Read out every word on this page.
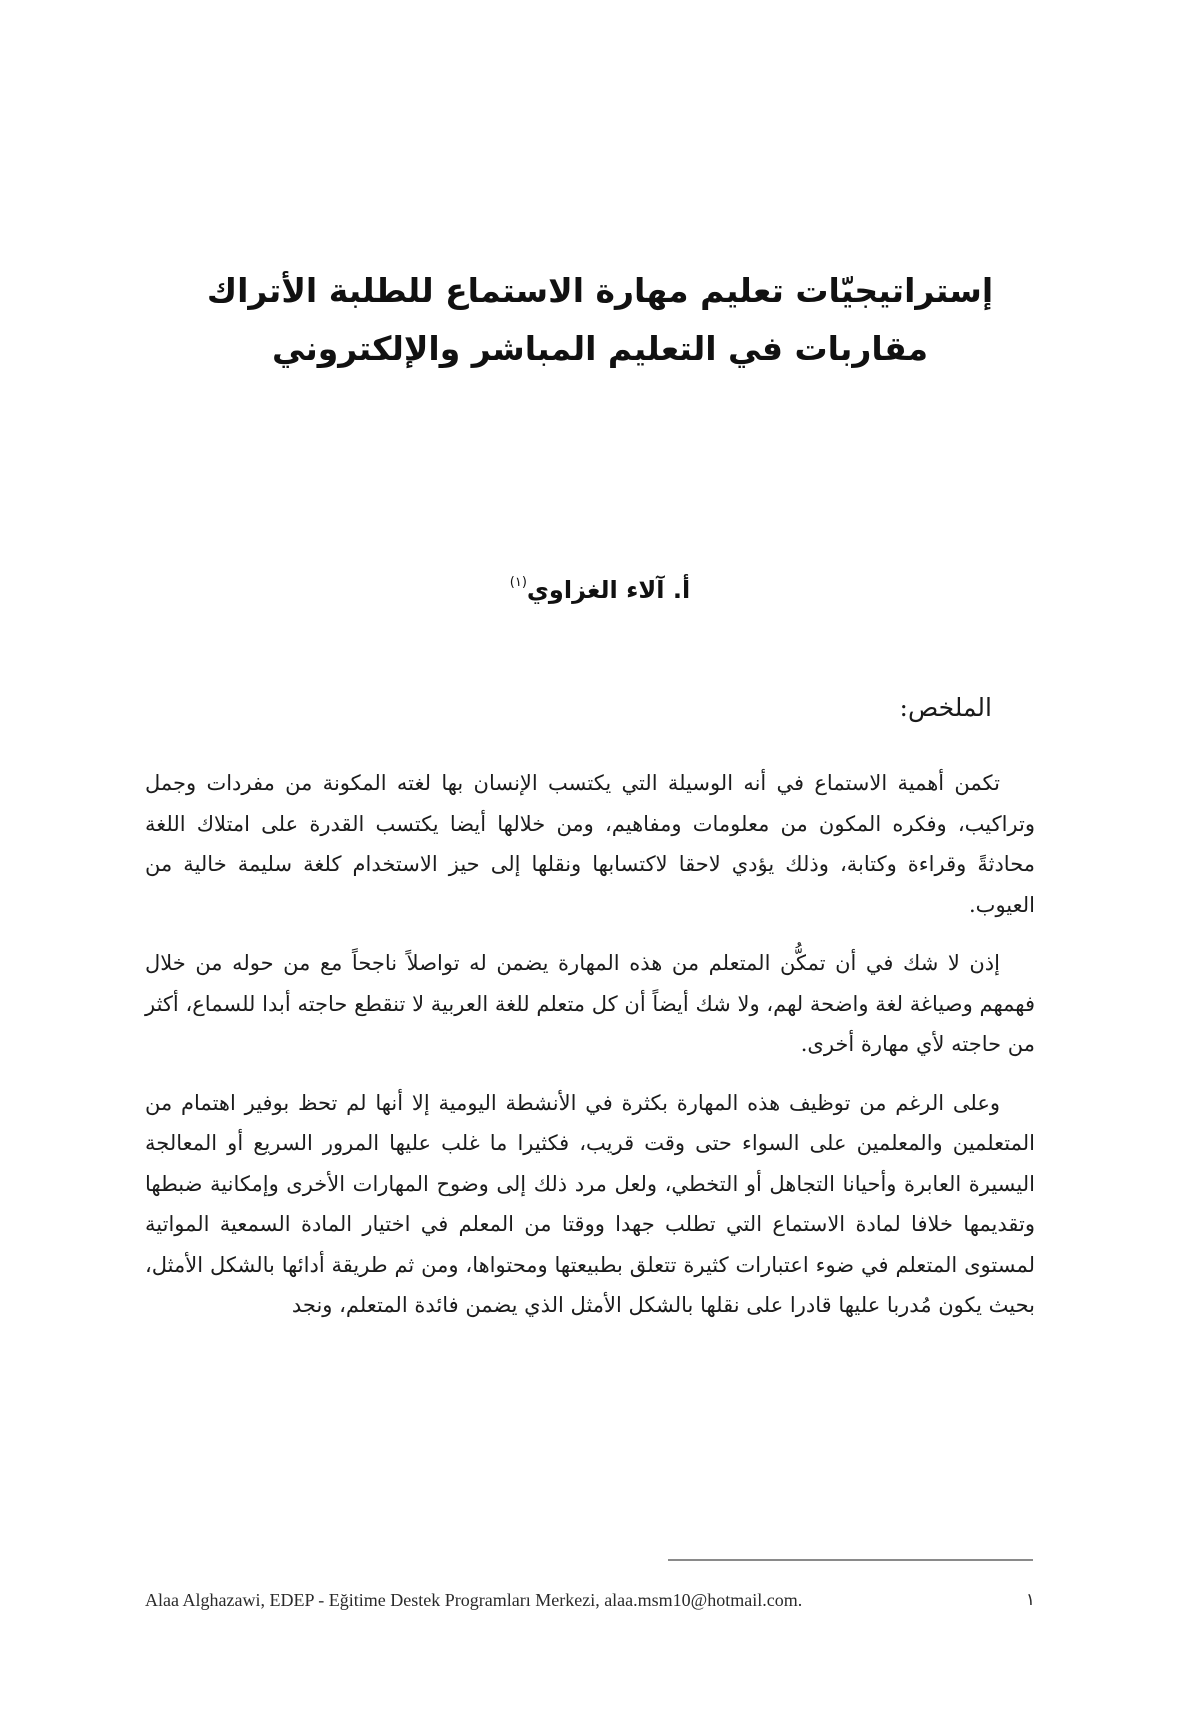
إستراتيجيّات تعليم مهارة الاستماع للطلبة الأتراك

مقاربات في التعليم المباشر والإلكتروني

أ. آلاء الغزاوي$^{(١)}$
الملخص:

تكمن أهمية الاستماع في أنه الوسيلة التي يكتسب الإنسان بها لغته المكونة من مفردات وجمل وتراكيب، وفكره المكون من معلومات ومفاهيم، ومن خلالها أيضا يكتسب القدرة على امتلاك اللغة محادثةً وقراءة وكتابة، وذلك يؤدي لاحقا لاكتسابها ونقلها إلى حيز الاستخدام كلغة سليمة خالية من العيوب.

إذن لا شك في أن تمكُّن المتعلم من هذه المهارة يضمن له تواصلاً ناجحاً مع من حوله من خلال فهمهم وصياغة لغة واضحة لهم، ولا شك أيضاً أن كل متعلم للغة العربية لا تنقطع حاجته أبدا للسماع، أكثر من حاجته لأي مهارة أخرى.

وعلى الرغم من توظيف هذه المهارة بكثرة في الأنشطة اليومية إلا أنها لم تحظ بوفير اهتمام من المتعلمين والمعلمين على السواء حتى وقت قريب، فكثيرا ما غلب عليها المرور السريع أو المعالجة اليسيرة العابرة وأحيانا التجاهل أو التخطي، ولعل مرد ذلك إلى وضوح المهارات الأخرى وإمكانية ضبطها وتقديمها خلافا لمادة الاستماع التي تطلب جهدا ووقتا من المعلم في اختيار المادة السمعية المواتية لمستوى المتعلم في ضوء اعتبارات كثيرة تتعلق بطبيعتها ومحتواها، ومن ثم طريقة أدائها بالشكل الأمثل، بحيث يكون مُدربا عليها قادرا على نقلها بالشكل الأمثل الذي يضمن فائدة المتعلم، ونجد

Alaa Alghazawi, EDEP - Eğitime Destek Programları Merkezi, alaa.msm10@hotmail.com.	١
